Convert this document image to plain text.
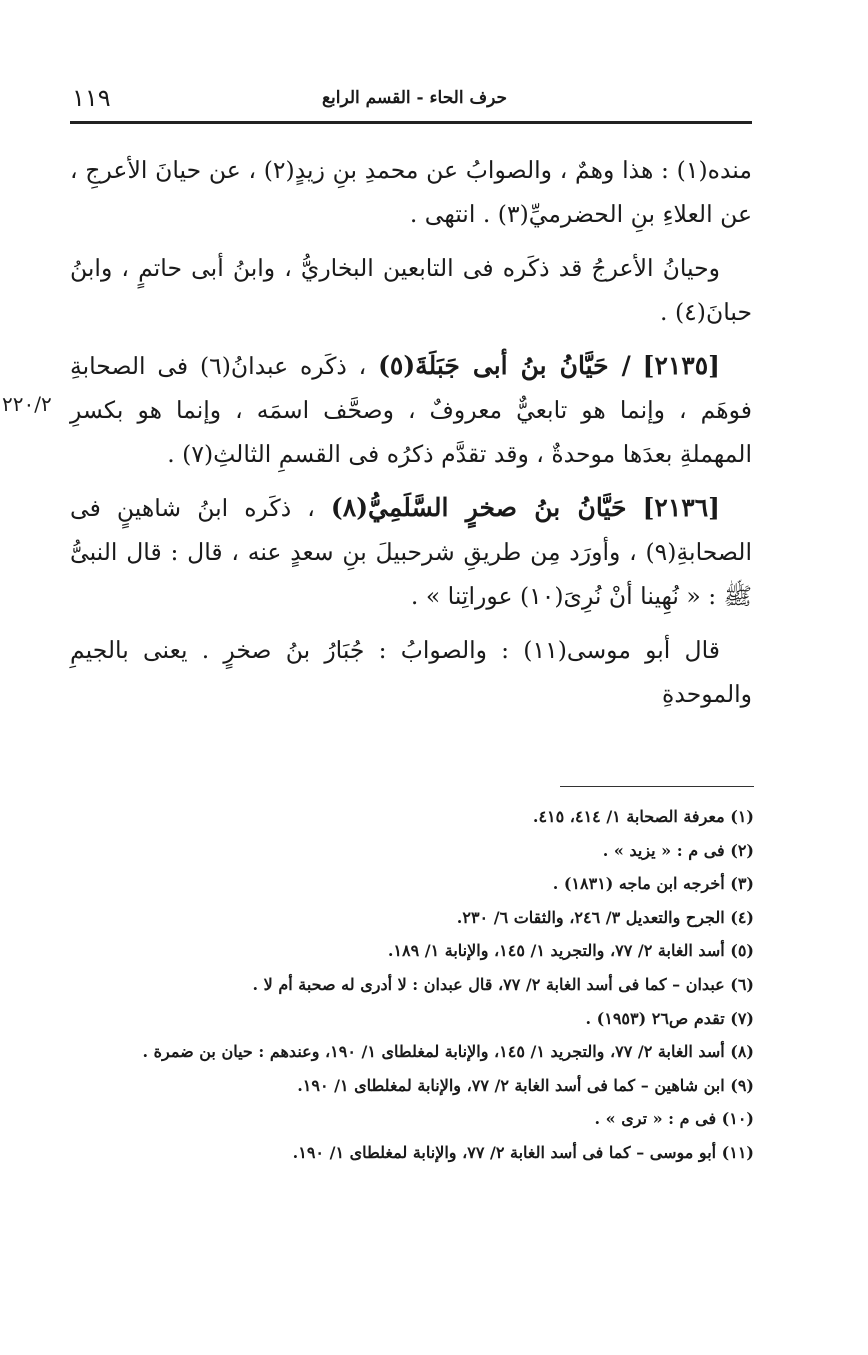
١١٩	حرف الحاء - القسم الرابع
٢٢٠/٢

منده(١) : هذا وهمٌ ، والصوابُ عن محمدِ بنِ زيدٍ(٢) ، عن حيانَ الأعرجِ ، عن العلاءِ بنِ الحضرميِّ(٣) . انتهى .

وحيانُ الأعرجُ قد ذكَره فى التابعين البخاريُّ ، وابنُ أبى حاتمٍ ، وابنُ حبانَ(٤) .

[٢١٣٥] / حَيَّانُ بنُ أبى جَبَلَةَ(٥) ، ذكَره عبدانُ(٦) فى الصحابةِ فوهَم ، وإنما هو تابعيٌّ معروفٌ ، وصحَّف اسمَه ، وإنما هو بكسرِ المهملةِ بعدَها موحدةٌ ، وقد تقدَّم ذكرُه فى القسمِ الثالثِ(٧) .

[٢١٣٦] حَيَّانُ بنُ صخرٍ السَّلَمِيُّ(٨) ، ذكَره ابنُ شاهينٍ فى الصحابةِ(٩) ، وأورَد مِن طريقِ شرحبيلَ بنِ سعدٍ عنه ، قال : قال النبىُّ ﷺ : « نُهِينا أنْ نُرِىَ(١٠) عوراتِنا » .

قال أبو موسى(١١) : والصوابُ : جُبَارُ بنُ صخرٍ . يعنى بالجيمِ والموحدةِ

(١) معرفة الصحابة ١/ ٤١٤، ٤١٥.
(٢) فى م : « يزيد » .
(٣) أخرجه ابن ماجه (١٨٣١) .
(٤) الجرح والتعديل ٣/ ٢٤٦، والثقات ٦/ ٢٣٠.
(٥) أسد الغابة ٢/ ٧٧، والتجريد ١/ ١٤٥، والإنابة ١/ ١٨٩.
(٦) عبدان – كما فى أسد الغابة ٢/ ٧٧، قال عبدان : لا أدرى له صحبة أم لا .
(٧) تقدم ص٢٦ (١٩٥٣) .
(٨) أسد الغابة ٢/ ٧٧، والتجريد ١/ ١٤٥، والإنابة لمغلطاى ١/ ١٩٠، وعندهم : حيان بن ضمرة .
(٩) ابن شاهين – كما فى أسد الغابة ٢/ ٧٧، والإنابة لمغلطاى ١/ ١٩٠.
(١٠) فى م : « ترى » .
(١١) أبو موسى – كما فى أسد الغابة ٢/ ٧٧، والإنابة لمغلطاى ١/ ١٩٠.
